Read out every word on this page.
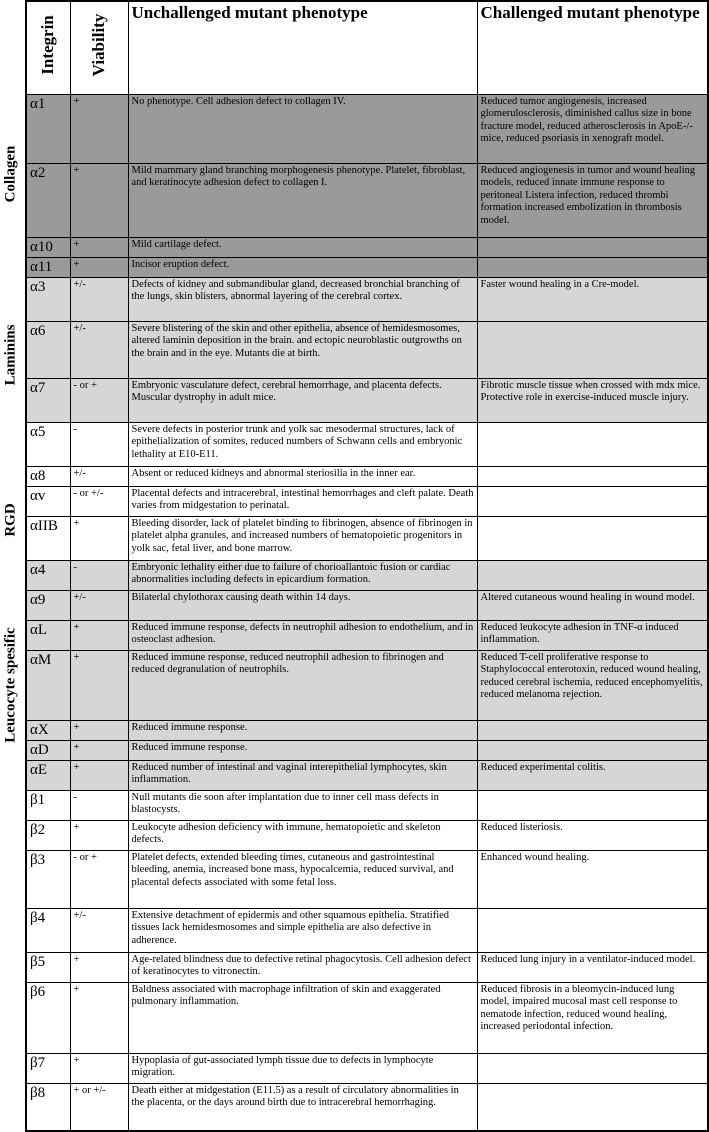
Collagen
Laminins
RGD
Leucocyte spesific
Integrin	Viability	Unchallenged mutant phenotype	Challenged mutant phenotype
α1	+	No phenotype. Cell adhesion defect to collagen IV.	Reduced tumor angiogenesis, increased glomerulosclerosis, diminished callus size in bone fracture model, reduced atherosclerosis in ApoE-/- mice, reduced psoriasis in xenograft model.
α2	+	Mild mammary gland branching morphogenesis phenotype. Platelet, fibroblast, and keratinocyte adhesion defect to collagen I.	Reduced angiogenesis in tumor and wound healing models, reduced innate immune response to peritoneal Listera infection, reduced thrombi formation increased embolization in thrombosis model.
α10	+	Mild cartilage defect.	
α11	+	Incisor eruption defect.	
α3	+/-	Defects of kidney and submandibular gland, decreased bronchial branching of the lungs, skin blisters, abnormal layering of the cerebral cortex.	Faster wound healing in a Cre-model.
α6	+/-	Severe blistering of the skin and other epithelia, absence of hemidesmosomes, altered laminin deposition in the brain. and ectopic neuroblastic outgrowths on the brain and in the eye. Mutants die at birth.	
α7	- or +	Embryonic vasculature defect, cerebral hemorrhage, and placenta defects. Muscular dystrophy in adult mice.	Fibrotic muscle tissue when crossed with mdx mice. Protective role in exercise-induced muscle injury.
α5	-	Severe defects in posterior trunk and yolk sac mesodermal structures, lack of epithelialization of somites, reduced numbers of Schwann cells and embryonic lethality at E10-E11.	
α8	+/-	Absent or reduced kidneys and abnormal steriosilia in the inner ear.	
αv	- or +/-	Placental defects and intracerebral, intestinal hemorrhages and cleft palate. Death varies from midgestation to perinatal.	
αIIB	+	Bleeding disorder, lack of platelet binding to fibrinogen, absence of fibrinogen in platelet alpha granules, and increased numbers of hematopoietic progenitors in yolk sac, fetal liver, and bone marrow.	
α4	-	Embryonic lethality either due to failure of chorioallantoic fusion or cardiac abnormalities including defects in epicardium formation.	
α9	+/-	Bilaterlal chylothorax causing death within 14 days.	Altered cutaneous wound healing in wound model.
αL	+	Reduced immune response, defects in neutrophil adhesion to endothelium, and in osteoclast adhesion.	Reduced leukocyte adhesion in TNF-α induced inflammation.
αM	+	Reduced immune response, reduced neutrophil adhesion to fibrinogen and reduced degranulation of neutrophils.	Reduced T-cell proliferative response to Staphylococcal enterotoxin, reduced wound healing, reduced cerebral ischemia, reduced encephomyelitis, reduced melanoma rejection.
αX	+	Reduced immune response.	
αD	+	Reduced immune response.	
αE	+	Reduced number of intestinal and vaginal interepithelial lymphocytes, skin inflammation.	Reduced experimental colitis.
β1	-	Null mutants die soon after implantation due to inner cell mass defects in blastocysts.	
β2	+	Leukocyte adhesion deficiency with immune, hematopoietic and skeleton defects.	Reduced listeriosis.
β3	- or +	Platelet defects, extended bleeding times, cutaneous and gastrointestinal bleeding, anemia, increased bone mass, hypocalcemia, reduced survival, and placental defects associated with some fetal loss.	Enhanced wound healing.
β4	+/-	Extensive detachment of epidermis and other squamous epithelia. Stratified tissues lack hemidesmosomes and simple epithelia are also defective in adherence.	
β5	+	Age-related blindness due to defective retinal phagocytosis. Cell adhesion defect of keratinocytes to vitronectin.	Reduced lung injury in a ventilator-induced model.
β6	+	Baldness associated with macrophage infiltration of skin and exaggerated pulmonary inflammation.	Reduced fibrosis in a bleomycin-induced lung model, impaired mucosal mast cell response to nematode infection, reduced wound healing, increased periodontal infection.
β7	+	Hypoplasia of gut-associated lymph tissue due to defects in lymphocyte migration.	
β8	+ or +/-	Death either at midgestation (E11.5) as a result of circulatory abnormalities in the placenta, or the days around birth due to intracerebral hemorrhaging.	
